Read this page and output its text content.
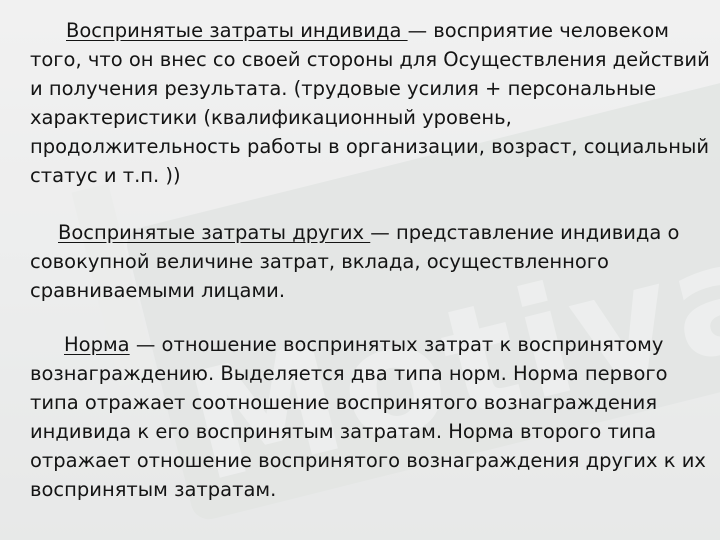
Воспринятые затраты индивида — восприятие человеком того, что он внес со своей стороны для Осуществления действий и получения результата. (трудовые усилия + персональные характеристики (квалификационный уровень, продолжительность работы в организации, возраст, социальный статус и т.п. ))

Воспринятые затраты других — представление индивида о совокупной величине затрат, вклада, осуществленного сравниваемыми лицами.

Норма — отношение воспринятых затрат к воспринятому вознаграждению. Выделяется два типа норм. Норма первого типа отражает соотношение воспринятого вознаграждения индивида к его воспринятым затратам. Норма второго типа отражает отношение воспринятого вознаграждения других к их воспринятым затратам.
